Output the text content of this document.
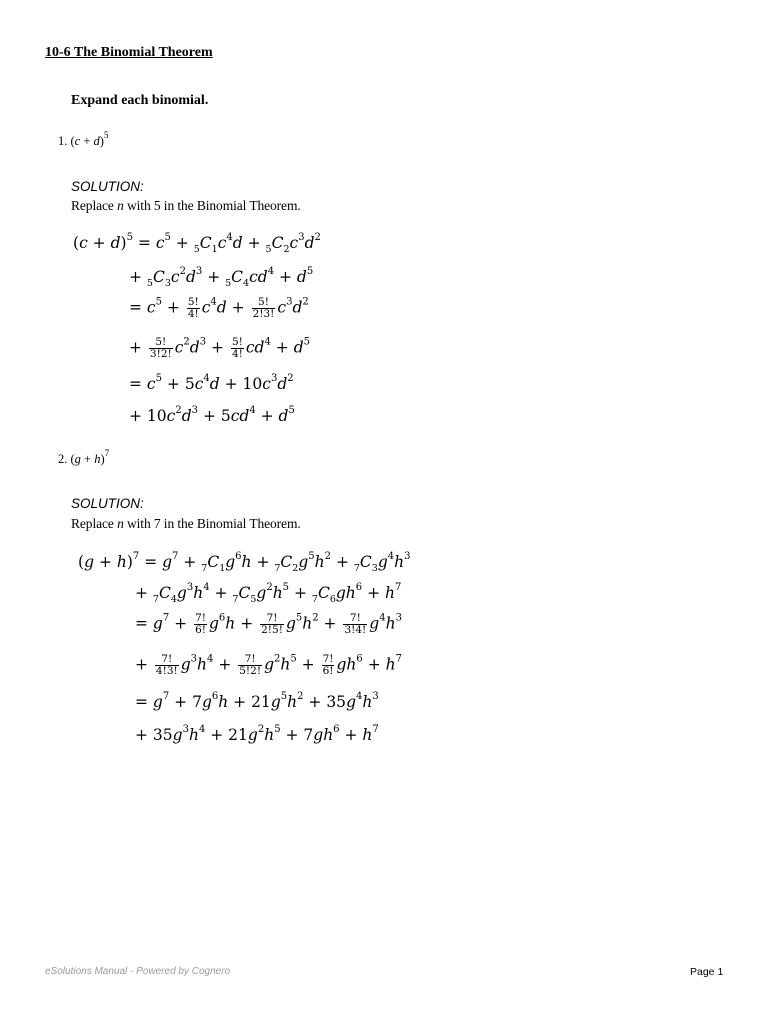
10-6 The Binomial Theorem
Expand each binomial.
1. $(c + d)^5$
SOLUTION:
Replace n with 5 in the Binomial Theorem.
$(c + d)^5 = c^5 + _5C_1c^4d + _5C_2c^3d^2$
+ $_5C_3c^2d^3 + _5C_4cd^4 + d^5$
= $c^5 + \frac{5!}{4!} c^4d + \frac{5!}{2!3!} c^3d^2$
+ $\frac{5!}{3!2!} c^2d^3 + \frac{5!}{4!} cd^4 + d^5$
= $c^5 + 5c^4d + 10c^3d^2$
+ $10c^2d^3 + 5cd^4 + d^5$
2. $(g + h)^7$
SOLUTION:
Replace n with 7 in the Binomial Theorem.
$(g + h)^7 = g^7 + _7C_1g^6h + _7C_2g^5h^2 + _7C_3g^4h^3$
+ $_7C_4g^3h^4 + _7C_5g^2h^5 + _7C_6gh^6 + h^7$
= $g^7 + \frac{7!}{6!} g^6h + \frac{7!}{2!5!} g^5h^2 + \frac{7!}{3!4!} g^4h^3$
+ $\frac{7!}{4!3!} g^3h^4 + \frac{7!}{5!2!} g^2h^5 + \frac{7!}{6!} gh^6 + h^7$
= $g^7 + 7g^6h + 21g^5h^2 + 35g^4h^3$
+ $35g^3h^4 + 21g^2h^5 + 7gh^6 + h^7$
eSolutions Manual - Powered by Cognero	Page 1
